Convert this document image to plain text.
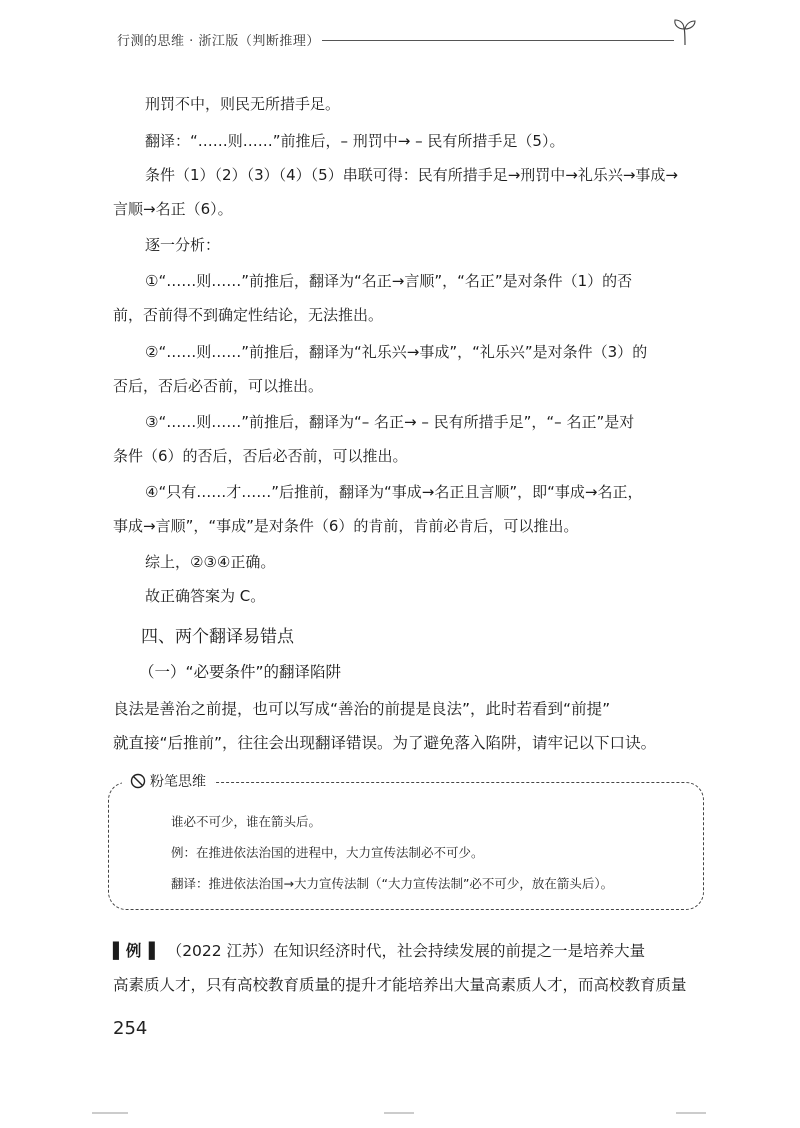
行测的思维 · 浙江版（判断推理）
刑罚不中，则民无所措手足。
翻译：“……则……”前推后，– 刑罚中→ – 民有所措手足（5）。
条件（1）（2）（3）（4）（5）串联可得：民有所措手足→刑罚中→礼乐兴→事成→
言顺→名正（6）。
逐一分析：
①“……则……”前推后，翻译为“名正→言顺”，“名正”是对条件（1）的否
前，否前得不到确定性结论，无法推出。
②“……则……”前推后，翻译为“礼乐兴→事成”，“礼乐兴”是对条件（3）的
否后，否后必否前，可以推出。
③“……则……”前推后，翻译为“– 名正→ – 民有所措手足”，“– 名正”是对
条件（6）的否后，否后必否前，可以推出。
④“只有……才……”后推前，翻译为“事成→名正且言顺”，即“事成→名正，
事成→言顺”，“事成”是对条件（6）的肯前，肯前必肯后，可以推出。
综上，②③④正确。
故正确答案为 C。
四、两个翻译易错点
（一）“必要条件”的翻译陷阱
良法是善治之前提，也可以写成“善治的前提是良法”，此时若看到“前提”
就直接“后推前”，往往会出现翻译错误。为了避免落入陷阱，请牢记以下口诀。
粉笔思维
谁必不可少，谁在箭头后。
例：在推进依法治国的进程中，大力宣传法制必不可少。
翻译：推进依法治国→大力宣传法制（“大力宣传法制”必不可少，放在箭头后）。
▌例 ▌ （2022 江苏）在知识经济时代，社会持续发展的前提之一是培养大量
高素质人才，只有高校教育质量的提升才能培养出大量高素质人才，而高校教育质量
254
